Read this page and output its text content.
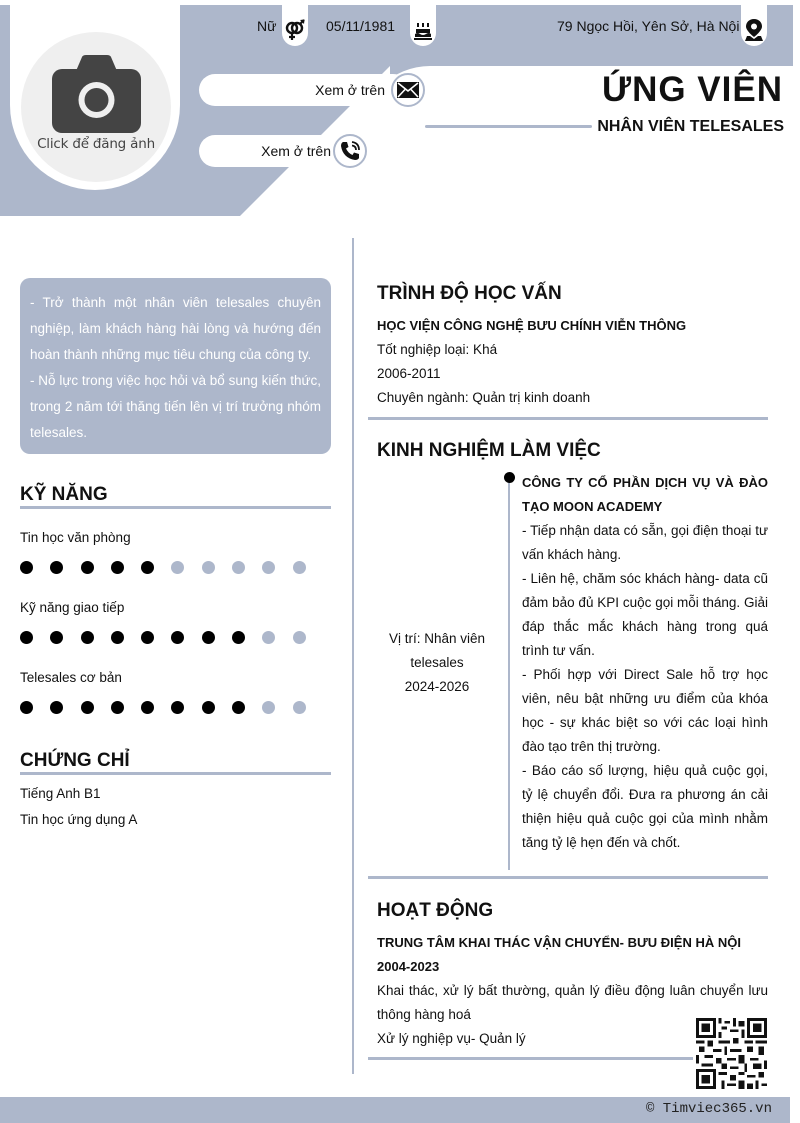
Click để đăng ảnh
Nữ	05/11/1981	79 Ngọc Hồi, Yên Sở, Hà Nội
Xem ở trên
Xem ở trên
ỨNG VIÊN
NHÂN VIÊN TELESALES
- Trở thành một nhân viên telesales chuyên nghiệp, làm khách hàng hài lòng và hướng đến hoàn thành những mục tiêu chung của công ty.
- Nỗ lực trong việc học hỏi và bổ sung kiến thức, trong 2 năm tới thăng tiến lên vị trí trưởng nhóm telesales.
KỸ NĂNG
Tin học văn phòng
Kỹ năng giao tiếp
Telesales cơ bản
CHỨNG CHỈ
Tiếng Anh B1
Tin học ứng dụng A
TRÌNH ĐỘ HỌC VẤN
HỌC VIỆN CÔNG NGHỆ BƯU CHÍNH VIỄN THÔNG
Tốt nghiệp loại: Khá
2006-2011
Chuyên ngành: Quản trị kinh doanh
KINH NGHIỆM LÀM VIỆC
Vị trí: Nhân viên
telesales
2024-2026
CÔNG TY CỔ PHẦN DỊCH VỤ VÀ ĐÀO TẠO MOON ACADEMY
- Tiếp nhận data có sẵn, gọi điện thoại tư vấn khách hàng.
- Liên hệ, chăm sóc khách hàng- data cũ đảm bảo đủ KPI cuộc gọi mỗi tháng. Giải đáp thắc mắc khách hàng trong quá trình tư vấn.
- Phối hợp với Direct Sale hỗ trợ học viên, nêu bật những ưu điểm của khóa học - sự khác biệt so với các loại hình đào tạo trên thị trường.
- Báo cáo số lượng, hiệu quả cuộc gọi, tỷ lệ chuyển đổi. Đưa ra phương án cải thiện hiệu quả cuộc gọi của mình nhằm tăng tỷ lệ hẹn đến và chốt.
HOẠT ĐỘNG
TRUNG TÂM KHAI THÁC VẬN CHUYỂN- BƯU ĐIỆN HÀ NỘI
2004-2023
Khai thác, xử lý bất thường, quản lý điều động luân chuyển lưu thông hàng hoá
Xử lý nghiệp vụ- Quản lý
© Timviec365.vn
